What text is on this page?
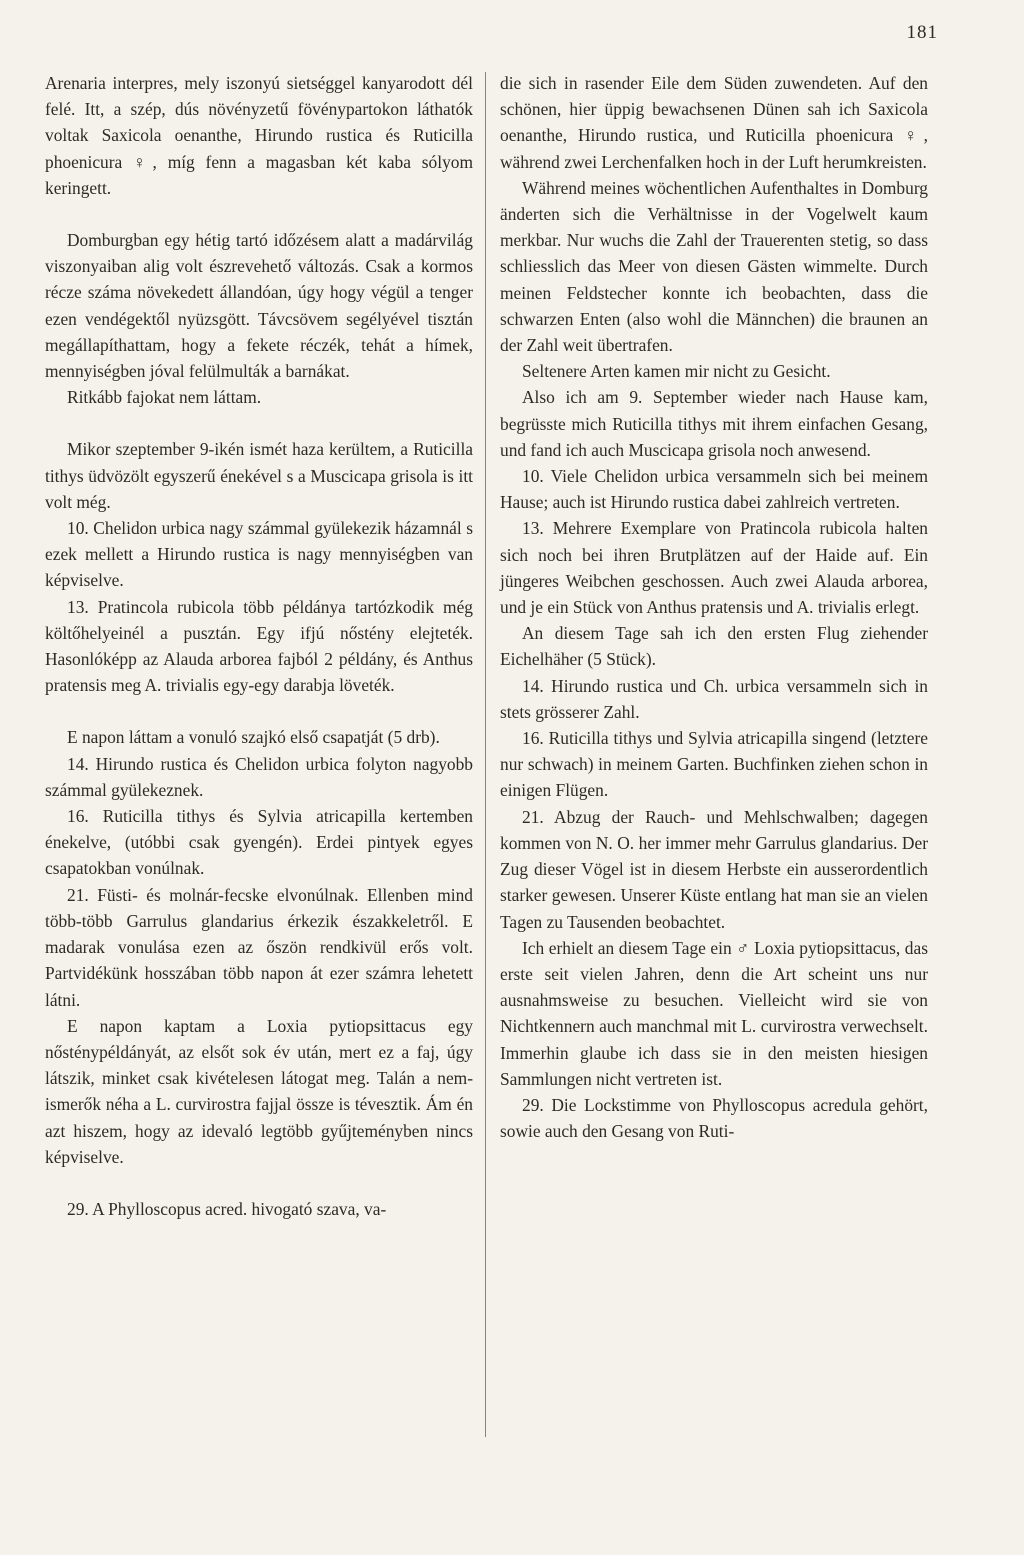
181

Arenaria interpres, mely iszonyú sietséggel kanyarodott dél felé. Itt, a szép, dús növényzetű fövénypartokon láthatók voltak Saxicola oenanthe, Hirundo rustica és Ruticilla phoenicura ♀, míg fenn a magasban két kaba sólyom keringett.

Domburgban egy hétig tartó időzésem alatt a madárvilág viszonyaiban alig volt észrevehető változás. Csak a kormos récze száma növekedett állandóan, úgy hogy végül a tenger ezen vendégektől nyüzsgött. Távcsövem segélyével tisztán megállapíthattam, hogy a fekete réczék, tehát a hímek, mennyiségben jóval felülmulták a barnákat.

Ritkább fajokat nem láttam.

Mikor szeptember 9-ikén ismét haza kerültem, a Ruticilla tithys üdvözölt egyszerű énekével s a Muscicapa grisola is itt volt még.

10. Chelidon urbica nagy számmal gyülekezik házamnál s ezek mellett a Hirundo rustica is nagy mennyiségben van képviselve.

13. Pratincola rubicola több példánya tartózkodik még költőhelyeinél a pusztán. Egy ifjú nőstény elejteték. Hasonlóképp az Alauda arborea fajból 2 példány, és Anthus pratensis meg A. trivialis egy-egy darabja löveték.

E napon láttam a vonuló szajkó első csapatját (5 drb).

14. Hirundo rustica és Chelidon urbica folyton nagyobb számmal gyülekeznek.

16. Ruticilla tithys és Sylvia atricapilla kertemben énekelve, (utóbbi csak gyengén). Erdei pintyek egyes csapatokban vonúlnak.

21. Füsti- és molnár-fecske elvonúlnak. Ellenben mind több-több Garrulus glandarius érkezik északkeletről. E madarak vonulása ezen az őszön rendkivül erős volt. Partvidékünk hosszában több napon át ezer számra lehetett látni.

E napon kaptam a Loxia pytiopsittacus egy nősténypéldányát, az elsőt sok év után, mert ez a faj, úgy látszik, minket csak kivételesen látogat meg. Talán a nem-ismerők néha a L. curvirostra fajjal össze is tévesztik. Ám én azt hiszem, hogy az idevaló legtöbb gyűjteményben nincs képviselve.

29. A Phylloscopus acred. hivogató szava, va-

die sich in rasender Eile dem Süden zuwendeten. Auf den schönen, hier üppig bewachsenen Dünen sah ich Saxicola oenanthe, Hirundo rustica, und Ruticilla phoenicura ♀, während zwei Lerchenfalken hoch in der Luft herumkreisten.

Während meines wöchentlichen Aufenthaltes in Domburg änderten sich die Verhältnisse in der Vogelwelt kaum merkbar. Nur wuchs die Zahl der Trauerenten stetig, so dass schliesslich das Meer von diesen Gästen wimmelte. Durch meinen Feldstecher konnte ich beobachten, dass die schwarzen Enten (also wohl die Männchen) die braunen an der Zahl weit übertrafen.

Seltenere Arten kamen mir nicht zu Gesicht.

Also ich am 9. September wieder nach Hause kam, begrüsste mich Ruticilla tithys mit ihrem einfachen Gesang, und fand ich auch Muscicapa grisola noch anwesend.

10. Viele Chelidon urbica versammeln sich bei meinem Hause; auch ist Hirundo rustica dabei zahlreich vertreten.

13. Mehrere Exemplare von Pratincola rubicola halten sich noch bei ihren Brutplätzen auf der Haide auf. Ein jüngeres Weibchen geschossen. Auch zwei Alauda arborea, und je ein Stück von Anthus pratensis und A. trivialis erlegt.

An diesem Tage sah ich den ersten Flug ziehender Eichelhäher (5 Stück).

14. Hirundo rustica und Ch. urbica versammeln sich in stets grösserer Zahl.

16. Ruticilla tithys und Sylvia atricapilla singend (letztere nur schwach) in meinem Garten. Buchfinken ziehen schon in einigen Flügen.

21. Abzug der Rauch- und Mehlschwalben; dagegen kommen von N. O. her immer mehr Garrulus glandarius. Der Zug dieser Vögel ist in diesem Herbste ein ausserordentlich starker gewesen. Unserer Küste entlang hat man sie an vielen Tagen zu Tausenden beobachtet.

Ich erhielt an diesem Tage ein ♂ Loxia pytiopsittacus, das erste seit vielen Jahren, denn die Art scheint uns nur ausnahmsweise zu besuchen. Vielleicht wird sie von Nichtkennern auch manchmal mit L. curvirostra verwechselt. Immerhin glaube ich dass sie in den meisten hiesigen Sammlungen nicht vertreten ist.

29. Die Lockstimme von Phylloscopus acredula gehört, sowie auch den Gesang von Ruti-
